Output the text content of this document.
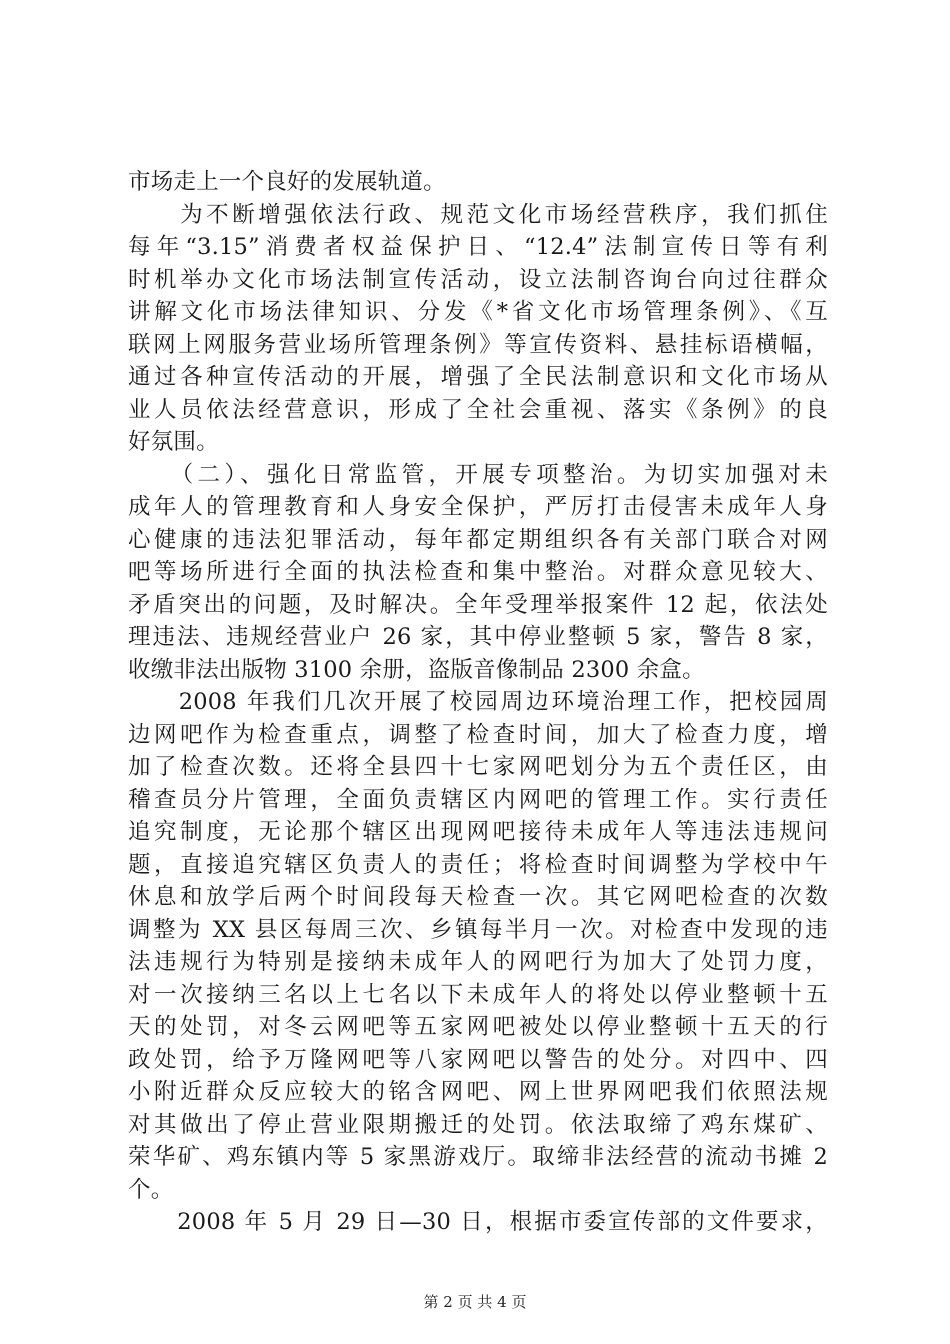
市场走上一个良好的发展轨道。
　　为不断增强依法行政、规范文化市场经营秩序，我们抓住
每年“3.15”消费者权益保护日、“12.4”法制宣传日等有利
时机举办文化市场法制宣传活动，设立法制咨询台向过往群众
讲解文化市场法律知识、分发《*省文化市场管理条例》、《互
联网上网服务营业场所管理条例》等宣传资料、悬挂标语横幅，
通过各种宣传活动的开展，增强了全民法制意识和文化市场从
业人员依法经营意识，形成了全社会重视、落实《条例》的良
好氛围。
　　（二）、强化日常监管，开展专项整治。为切实加强对未
成年人的管理教育和人身安全保护，严厉打击侵害未成年人身
心健康的违法犯罪活动，每年都定期组织各有关部门联合对网
吧等场所进行全面的执法检查和集中整治。对群众意见较大、
矛盾突出的问题，及时解决。全年受理举报案件 12 起，依法处
理违法、违规经营业户 26 家，其中停业整顿 5 家，警告 8 家，
收缴非法出版物 3100 余册，盗版音像制品 2300 余盒。
　　2008 年我们几次开展了校园周边环境治理工作，把校园周
边网吧作为检查重点，调整了检查时间，加大了检查力度，增
加了检查次数。还将全县四十七家网吧划分为五个责任区，由
稽查员分片管理，全面负责辖区内网吧的管理工作。实行责任
追究制度，无论那个辖区出现网吧接待未成年人等违法违规问
题，直接追究辖区负责人的责任；将检查时间调整为学校中午
休息和放学后两个时间段每天检查一次。其它网吧检查的次数
调整为 XX 县区每周三次、乡镇每半月一次。对检查中发现的违
法违规行为特别是接纳未成年人的网吧行为加大了处罚力度，
对一次接纳三名以上七名以下未成年人的将处以停业整顿十五
天的处罚，对冬云网吧等五家网吧被处以停业整顿十五天的行
政处罚，给予万隆网吧等八家网吧以警告的处分。对四中、四
小附近群众反应较大的铭含网吧、网上世界网吧我们依照法规
对其做出了停止营业限期搬迁的处罚。依法取缔了鸡东煤矿、
荣华矿、鸡东镇内等 5 家黑游戏厅。取缔非法经营的流动书摊 2
个。
　　2008 年 5 月 29 日—30 日，根据市委宣传部的文件要求，
第 2 页 共 4 页
